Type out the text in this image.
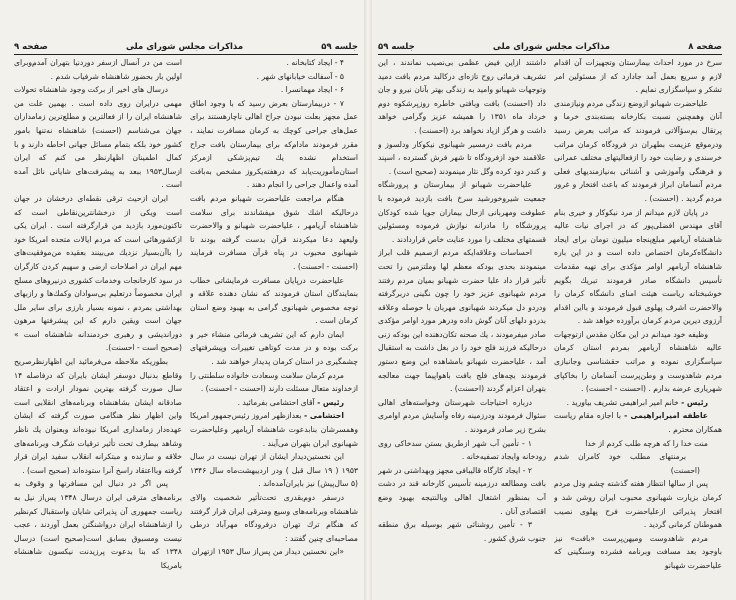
جلسه ۵۹
مذاکرات مجلس شورای ملی
صفحه ۹

۴ - ایجاد کتابخانه .

۵ - آسفالت خیابانهای شهر .

۶ - ایجاد مهمانسرا .

۷ - دربیمارستان بعرض رسید که با وجود اطاق عمل مجهز بعلت نبودن جراح اهالی ناچارهستند برای عمل‌های جراحی کوچك به کرمان مسافرت نمایند ، مقرر فرمودند مادام‌که برای بیمارستان بافت جراح استخدام نشده یك تیم‌پزشکی ازمرکز استان‌مأموریت‌یابد که درهفته‌یکروز مشخص به‌بافت آمده واعمال جراحی را انجام دهند .

هنگام مراجعت علیاحضرت شهبانو مردم بافت درحالیکه اشك شوق میفشاندند برای سلامت شاهنشاه آریامهر ، علیاحضرت شهبانو و والاحضرت ولیعهد دعا میکردند قرآن بدست گرفته بودند تا شهبانوی محبوب در پناه قرآن مسافرت فرمایند (احسنت - احسنت) .

علیاحضرت درپایان مسافرت فرمایشاتی خطاب بنمایندگان استان فرمودند که نشان دهنده علاقه و توجه مخصوص شهبانوی گرامی به بهبود وضع استان کرمان است .

ایمان دارم که این تشریف فرمائی منشاء خیر و برکت بوده و در مدت کوتاهی تغییرات وپیشرفتهای چشمگیری در استان کرمان پدیدار خواهند شد .

مردم کرمان سلامت وسعادت خانواده سلطنتی را ازخداوند متعال مسئلت دارند (احسنت - احسنت) .

رئیس - آقای احتشامی بفرمائید .

احتشامی - بعدازظهر امروز رئیس‌جمهور امریکا وهمسرشان بنابدعوت شاهنشاه آریامهر وعلیاحضرت شهبانوی ایران بتهران می‌آیند .

این نخستین‌دیدار ایشان از تهران نیست در سال ۱۹۵۳ ( ۱۹ سال قبل ) ودر اردیبهشت‌ماه سال ۱۳۴۶ (۵ سال‌پیش) نیز بایران‌آمده‌اند .

درسفر دوم‌بقدری تحت‌تأثیر شخصیت والای شاهنشاه وبرنامه‌های وسیع ومترقی ایران قرار گرفتند که هنگام ترك تهران درفرودگاه مهرآباد درطی مصاحبه‌ای چنین گفتند :

«این نخستین دیدار من پس‌از سال ۱۹۵۳ ازتهران

است من در آنسال ازسفر دوردنیا بتهران آمدم‌وبرای اولین بار بحضور شاهنشاه شرفیاب شدم .

درسال های اخیر از برکت وجود شاهنشاه تحولات مهمی درایران روی داده است . بهمین علت من شاهنشاه ایران را از فعالترین و مطلع‌ترین زمامداران جهان می‌شناسم (احسنت) شاهنشاه نه‌تنها بامور کشور خود بلکه بتمام مسائل جهانی احاطه دارند و با کمال اطمینان اظهارنظر می کنم که ایران ازسال۱۹۵۳ ببعد به پیشرفت‌های شایانی نائل آمده است .

ایران ازحیث ترقی نقطه‌ای درخشان در جهان است ویکی از درخشانترین‌نقاطی است که تاکنون‌مورد بازدید من قرارگرفته است . ایران یکی ازکشورهائی است که مردم ایالات متحده امریکا خود را باآن‌بسیار نزدیك می‌بینند بعقیده من‌موفقیت‌های مهم ایران در اصلاحات ارضی و سهیم کردن کارگران در سود کارخانجات وخدمات کشوری درنیروهای مسلح ایران مخصوصاً درتعلیم بی‌سوادان وکمك‌ها و رازبهای بهداشتی بمردم ، نمونه بسیار بارزی برای سایر ملل جهان است ویقین دارم که این پیشرفتها مرهون دوراندیشی و رهبری خردمندانه شاهنشاه است » (صحیح است - احسنت).

بطوریکه ملاحظه می‌فرمائید این اظهارنظرصریح وقاطع بدنبال دوسفر ایشان بایران که درفاصله ۱۴ سال صورت گرفته بهترین نمودار ارادت و اعتقاد صادقانه ایشان بشاهنشاه وبرنامه‌های انقلابی است واین اظهار نظر هنگامی صورت گرفته که ایشان عهده‌دار زمامداری امریکا نبوده‌اند وبعنوان یك ناظر وشاهد بیطرف تحت تأثیر ترقیات شگرف وبرنامه‌های خلاقه و سازنده و مبتکرانه انقلاب سفید ایران قرار گرفته وبااعتقاد راسخ آنرا ستوده‌اند (صحیح است) .

پس اگر در دنبال این مسافرتها و وقوف به برنامه‌های مترقی ایران درسال ۱۳۴۸ پس‌از نیل به ریاست جمهوری آن پذیرائی شایان واستقبال کم‌نظیر را ازشاهنشاه ایران درواشنگتن بعمل آوردند ، عجب نیست ومسبوق بسابق است(صحیح است) درسال ۱۳۴۸ که بنا بدعوت پرزیدنت نیکسون شاهنشاه بامریکا

صفحه ۸
مذاکرات مجلس شورای ملی
جلسه ۵۹

سرخ در مورد احداث بیمارستان وتجهیزات آن اقدام لازم و سریع بعمل آمد جادارد که از مسئولین امر تشکر و سپاسگزاری نمایم .

علیاحضرت شهبانو ازوضع زندگی مردم ونیازمندی آنان وهمچنین نسبت بکارخانه بسته‌بندی خرما و پرتقال بم‌سؤآلاتی فرمودند که مراتب بعرض رسید ودرموقع عزیمت بطهران در فرودگاه کرمان مراتب خرسندی و رضایت خود را ازفعالیتهای مختلف عمرانی و فرهنگی وآموزشی و آشنائی به‌نیازمندیهای فعلی مردم آنسامان ابراز فرمودند که باعث افتخار و غرور مردم گردید . (احسنت) .

در پایان لازم میدانم از مرد نیکوکار و خیری بنام آقای مهندس افضلی‌پور که در اجرای نیات عالیه شاهنشاه آریامهر مبلغ‌پنجاه میلیون تومان برای ایجاد دانشگاه‌کرمان اختصاص داده است و در این باره شاهنشاه آریامهر اوامر مؤکدی برای تهیه مقدمات تأسیس دانشگاه صادر فرمودند تبریك بگویم خوشبختانه ریاست هیئت امنای دانشگاه کرمان را والاحضرت اشرف پهلوی قبول فرمودند و بااین اقدام آرزوی دیرین مردم کرمان برآورده خواهد شد .

وظیفه خود میدانم در این مکان مقدس ازتوجهات عالیه شاهنشاه آریامهر بمردم استان کرمان سپاسگزاری نموده و مراتب حقشناسی وجانبازی مردم شاهدوست و وطن‌پرست آنسامان را بخاکپای شهریاری عرضه بدارم . (احسنت - احسنت) .

رئیس - خانم امیر ابراهیمی تشریف بیاورید .

عاطفه امیرابراهیمی - با اجازه مقام ریاست همکاران محترم .

منت خدا را که هرچه طلب کردم از خدا

برمنتهای مطلب خود کامران شدم (احسنت)

پس از سالها انتظار هفته گذشته چشم ودل مردم کرمان بزیارت شهبانوی محبوب ایران روشن شد و افتخار پذیرائی ازعلیاحضرت فرح پهلوی نصیب هموطنان کرمانی گردید .

مردم شاهدوست ومیهن‌پرست «بافت» نیز باوجود بعد مسافت وبرنامه فشرده وسنگینی که علیاحضرت شهبانو

داشتند ازاین فیض عظمی بی‌نصیب نماندند ، این تشریف فرمائی روح تازه‌ای درکالبد مردم بافت دمید وتوجهات شهبانو وامید به زندگی بهتر بآنان نیرو و جان داد (احسنت) بافت وبافتی خاطره روزپرشکوه دوم خرداد ماه ۱۳۵۱ را همیشه عزیز وگرامی خواهد داشت و هرگز ازیاد نخواهد برد (احسنت) .

مردم بافت درمسیر شهبانوی نیکوکار ودلسوز و علاقمند خود ازفرودگاه تا شهر فرش گسترده ، اسپند و کندر دود کرده وگل نثار مینمودند (صحیح است) .

علیاحضرت شهبانو از بیمارستان و پرورشگاه جمعیت شیروخورشید سرخ بافت بازدید فرموده با عطوفت ومهربانی ازحال بیماران جویا شده کودکان پرورشگاه را مادرانه نوازش فرموده ومسئولین قسمتهای مختلف را مورد عنایت خاص قراردادند .

احساسات وعلاقه‌ایکه مردم ازصمیم قلب ابراز مینمودند بحدی بودکه معظم لها وملتزمین را تحت تأثیر قرار داد علیا حضرت شهبانو بمیان مردم رفتند مردم شهبانوی عزیز خود را چون نگینی دربرگرفته ودردو دل میکردند شهبانوی مهربان با حوصله وعلاقه بدردو دلهای آنان گوش داده ودرهر مورد اوامر مؤکدی صادر میفرمودند ، یك صحنه تکان‌دهنده این بودکه زنی درحالیکه فرزند فلج خود را در بغل داشت به استقبال آمد ، علیاحضرت شهبانو بامشاهده این وضع دستور فرمودند بچه‌های فلج بافت باهواپیما جهت معالجه بتهران اعزام گردند (احسنت) .

درباره احتیاجات شهرستان وخواسته‌های اهالی سئوال فرمودند ودرزمینه رفاه وآسایش مردم اوامری بشرح زیر صادر فرمودند .

۱ - تأمین آب شهر ازطریق بستن سدخاکی روی رودخانه وایجاد تصفیه‌خانه .

۲ - ایجاد کارگاه قالیبافی مجهز وبهداشتی در شهر بافت ومطالعه درزمینه تأسیس کارخانه قند در دشت آب بمنظور اشتغال اهالی وبالنتیجه بهبود وضع اقتصادی آنان .

۳ - تأمین روشنائی شهر بوسیله برق منطقه جنوب شرق کشور .
